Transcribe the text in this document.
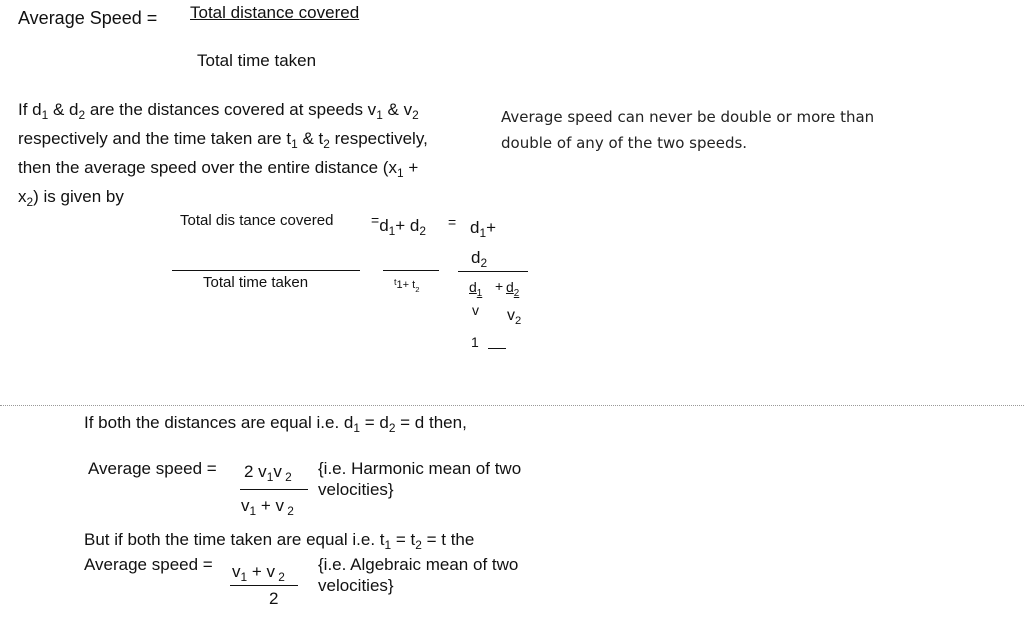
Average Speed = Total distance covered
Total time taken
If $d_1$ & $d_2$ are the distances covered at speeds $v_1$ & $v_2$
respectively and the time taken are $t_1$ & $t_2$ respectively,
then the average speed over the entire distance ($x_1$ +
$x_2$) is given by
Average speed can never be double or more than
double of any of the two speeds.
Total dis tance covered
Total time taken
$^=d_1+ d_2$
$^t1+ t_2$
= $d_1+$
$d_2$
$d_1 + d_2$
v $v_2$
1
If both the distances are equal i.e. $d_1 = d_2 = d$ then,
Average speed = 2 $v_1v$ $_2$
$v_1 + v$ $_2$
{i.e. Harmonic mean of two
velocities}
But if both the time taken are equal i.e. $t_1 = t_2 = t$ the
Average speed = $v_1 + v$ $_2$
2
{i.e. Algebraic mean of two
velocities}
